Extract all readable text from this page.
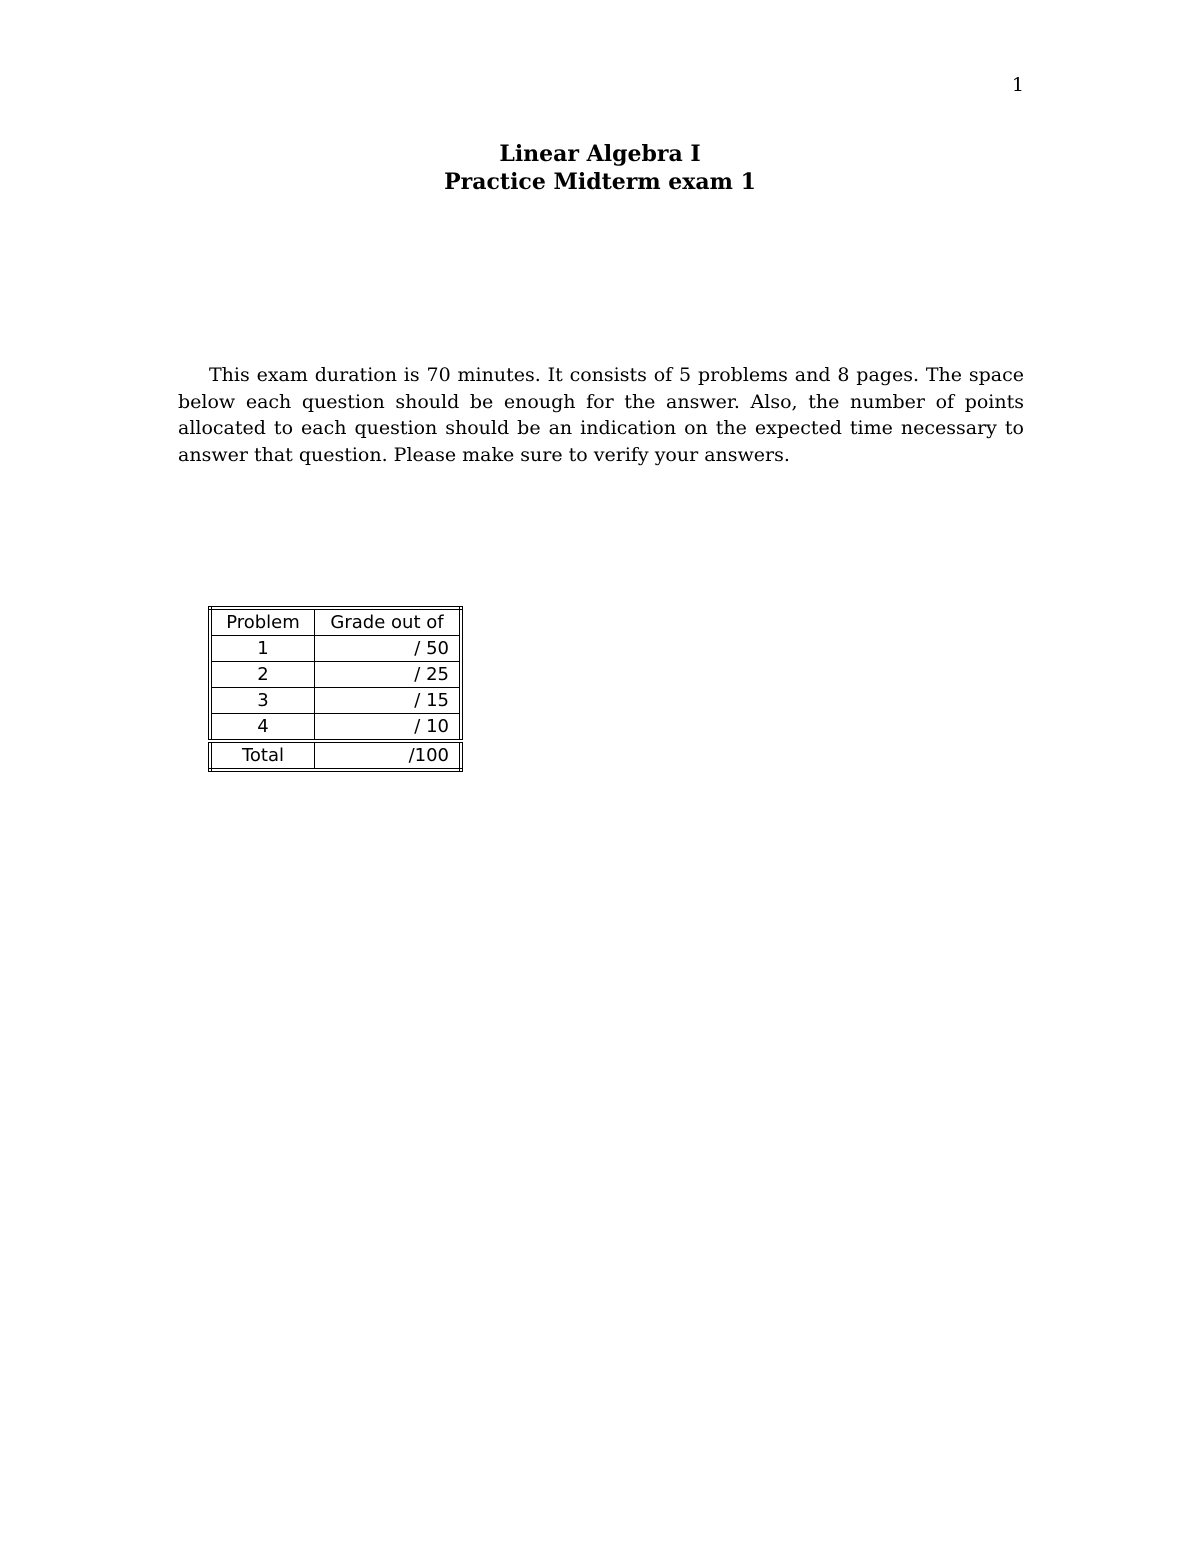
1
Linear Algebra I
Practice Midterm exam 1

This exam duration is 70 minutes. It consists of 5 problems and 8 pages. The space below each question should be enough for the answer. Also, the number of points allocated to each question should be an indication on the expected time necessary to answer that question. Please make sure to verify your answers.

Problem	Grade out of
1	/ 50
2	/ 25
3	/ 15
4	/ 10
Total	/100
